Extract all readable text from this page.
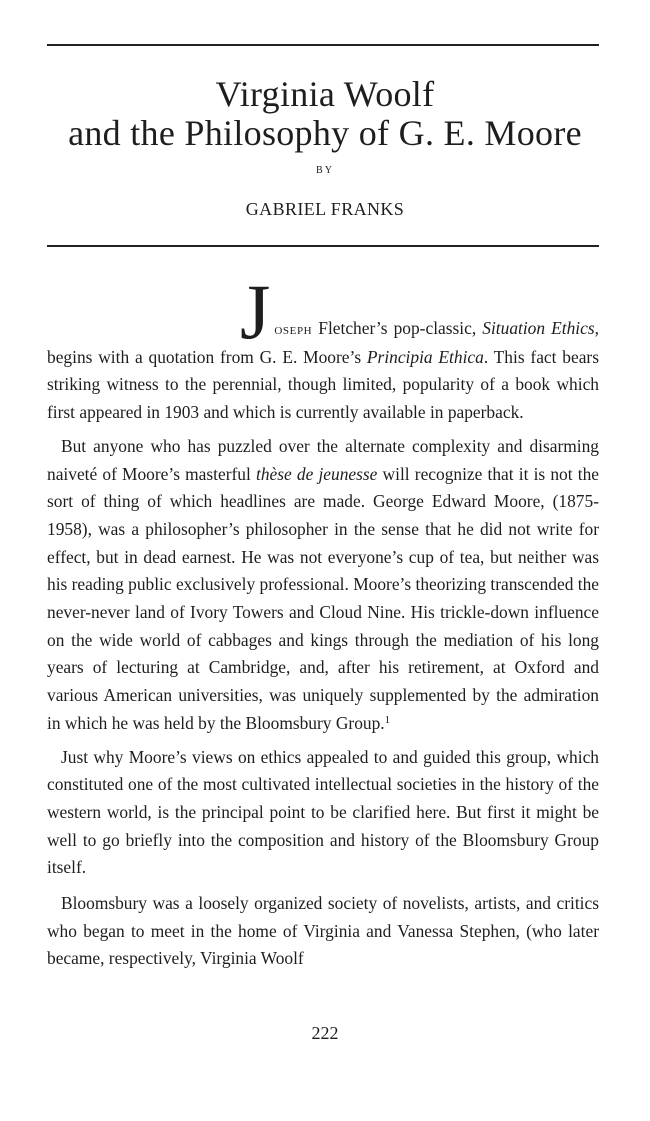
Virginia Woolf
and the Philosophy of G. E. Moore
BY
GABRIEL FRANKS

Joseph Fletcher’s pop-classic, Situation Ethics, begins with a quotation from G. E. Moore’s Principia Ethica. This fact bears striking witness to the perennial, though limited, popularity of a book which first appeared in 1903 and which is currently available in paperback.

But anyone who has puzzled over the alternate complexity and disarming naiveté of Moore’s masterful thèse de jeunesse will recognize that it is not the sort of thing of which headlines are made. George Edward Moore, (1875-1958), was a philosopher’s philosopher in the sense that he did not write for effect, but in dead earnest. He was not everyone’s cup of tea, but neither was his reading public exclusively professional. Moore’s theorizing transcended the never-never land of Ivory Towers and Cloud Nine. His trickle-down influence on the wide world of cabbages and kings through the mediation of his long years of lecturing at Cambridge, and, after his retirement, at Oxford and various American universities, was uniquely supplemented by the admiration in which he was held by the Bloomsbury Group.$^1$

Just why Moore’s views on ethics appealed to and guided this group, which constituted one of the most cultivated intellectual societies in the history of the western world, is the principal point to be clarified here. But first it might be well to go briefly into the composition and history of the Bloomsbury Group itself.

Bloomsbury was a loosely organized society of novelists, artists, and critics who began to meet in the home of Virginia and Vanessa Stephen, (who later became, respectively, Virginia Woolf

222
